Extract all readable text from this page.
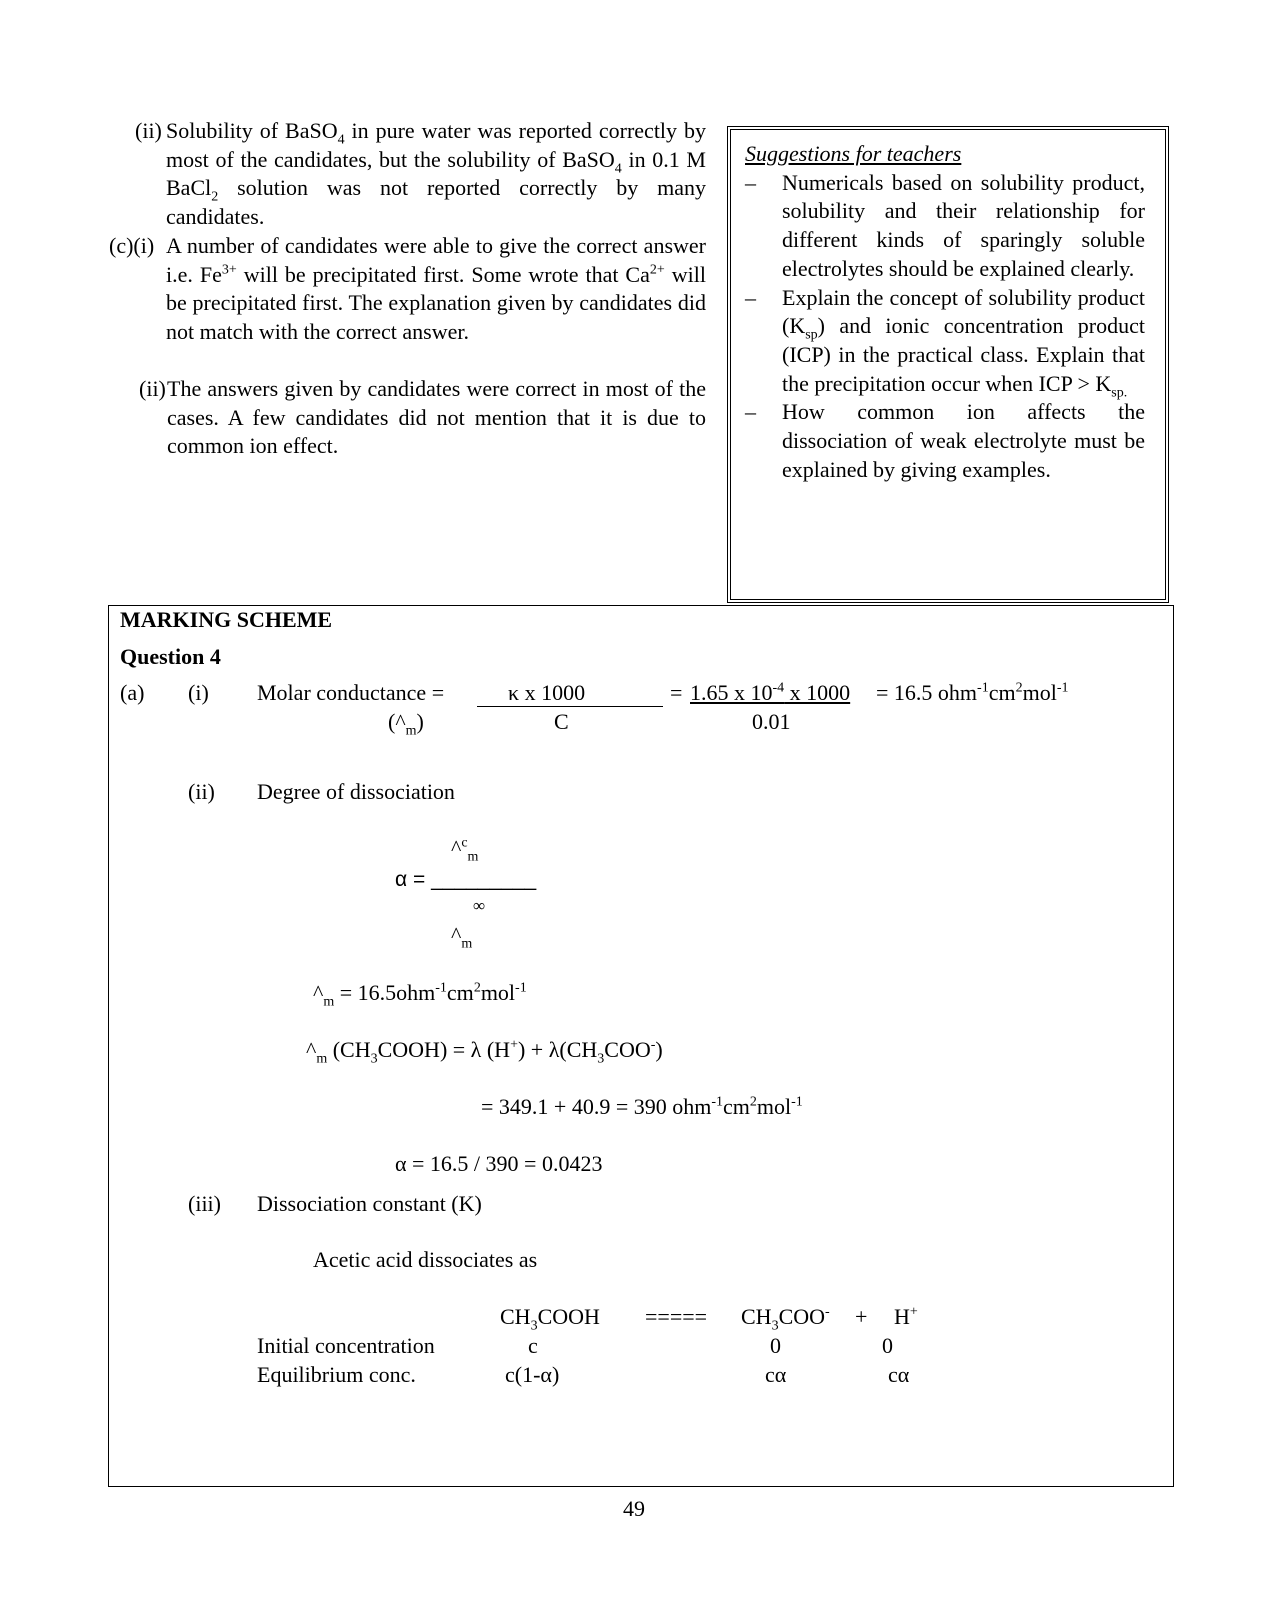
(ii) Solubility of BaSO$_4$ in pure water was reported correctly by most of the candidates, but the solubility of BaSO$_4$ in 0.1 M BaCl$_2$ solution was not reported correctly by many candidates.
(c)(i) A number of candidates were able to give the correct answer i.e. $Fe^{3+}$ will be precipitated first. Some wrote that $Ca^{2+}$ will be precipitated first. The explanation given by candidates did not match with the correct answer.
(ii) The answers given by candidates were correct in most of the cases. A few candidates did not mention that it is due to common ion effect.
Suggestions for teachers
– Numericals based on solubility product, solubility and their relationship for different kinds of sparingly soluble electrolytes should be explained clearly.
– Explain the concept of solubility product $(K_{sp})$ and ionic concentration product (ICP) in the practical class. Explain that the precipitation occur when ICP > $K_{sp.}$
– How common ion affects the dissociation of weak electrolyte must be explained by giving examples.
MARKING SCHEME
Question 4
(a) (i) Molar conductance =
$(\^{}_m)$
κ x 1000
C
= 1.65 x $10^{-4}$ x 1000
0.01
= 16.5 $ohm^{-1}cm^2mol^{-1}$
(ii) Degree of dissociation
^$^c_m$
α = _________
∞
$\^{}_m$
$\^{}_m = 16.5ohm^{-1}cm^2mol^{-1}$
$\^{}_m$ $(CH_3COOH) = \lambda$ $(H^+) + \lambda(CH_3COO^-)$
= 349.1 + 40.9 = 390 $ohm^{-1}cm^2mol^{-1}$
α = 16.5 / 390 = 0.0423
(iii) Dissociation constant (K)
Acetic acid dissociates as
$CH_3COOH$ ===== $CH_3COO^- + H^+$
Initial concentration	c	0	0
Equilibrium conc.	c(1-α)	cα	cα
49
